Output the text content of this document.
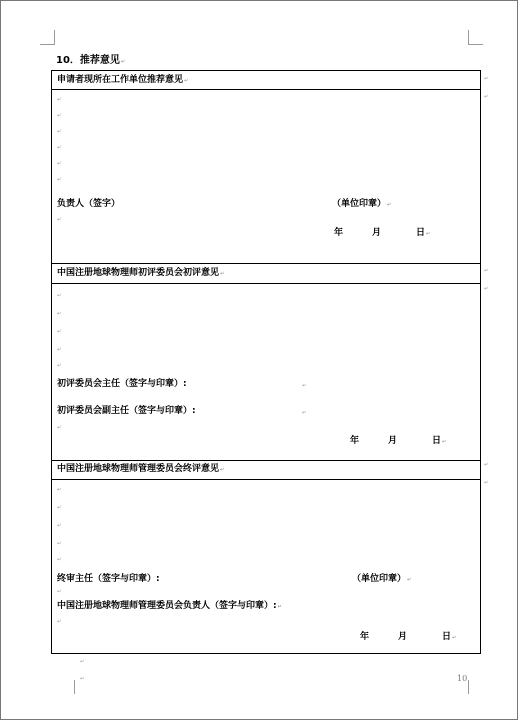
10．推荐意见↵
申请者现所在工作单位推荐意见↵
↵
↵
↵
↵
↵
↵
负责人（签字）	（单位印章）↵
↵
年	月	日↵
中国注册地球物理师初评委员会初评意见↵
↵
↵
↵
↵
↵
初评委员会主任（签字与印章）:	↵
初评委员会副主任（签字与印章）:	↵
↵
年	月	日↵
中国注册地球物理师管理委员会终评意见↵
↵
↵
↵
↵
↵
终审主任（签字与印章）:	（单位印章）↵
↵
中国注册地球物理师管理委员会负责人（签字与印章）:↵
↵
年	月	日↵
↵
↵
↵
↵
↵
↵
↵
↵	10
